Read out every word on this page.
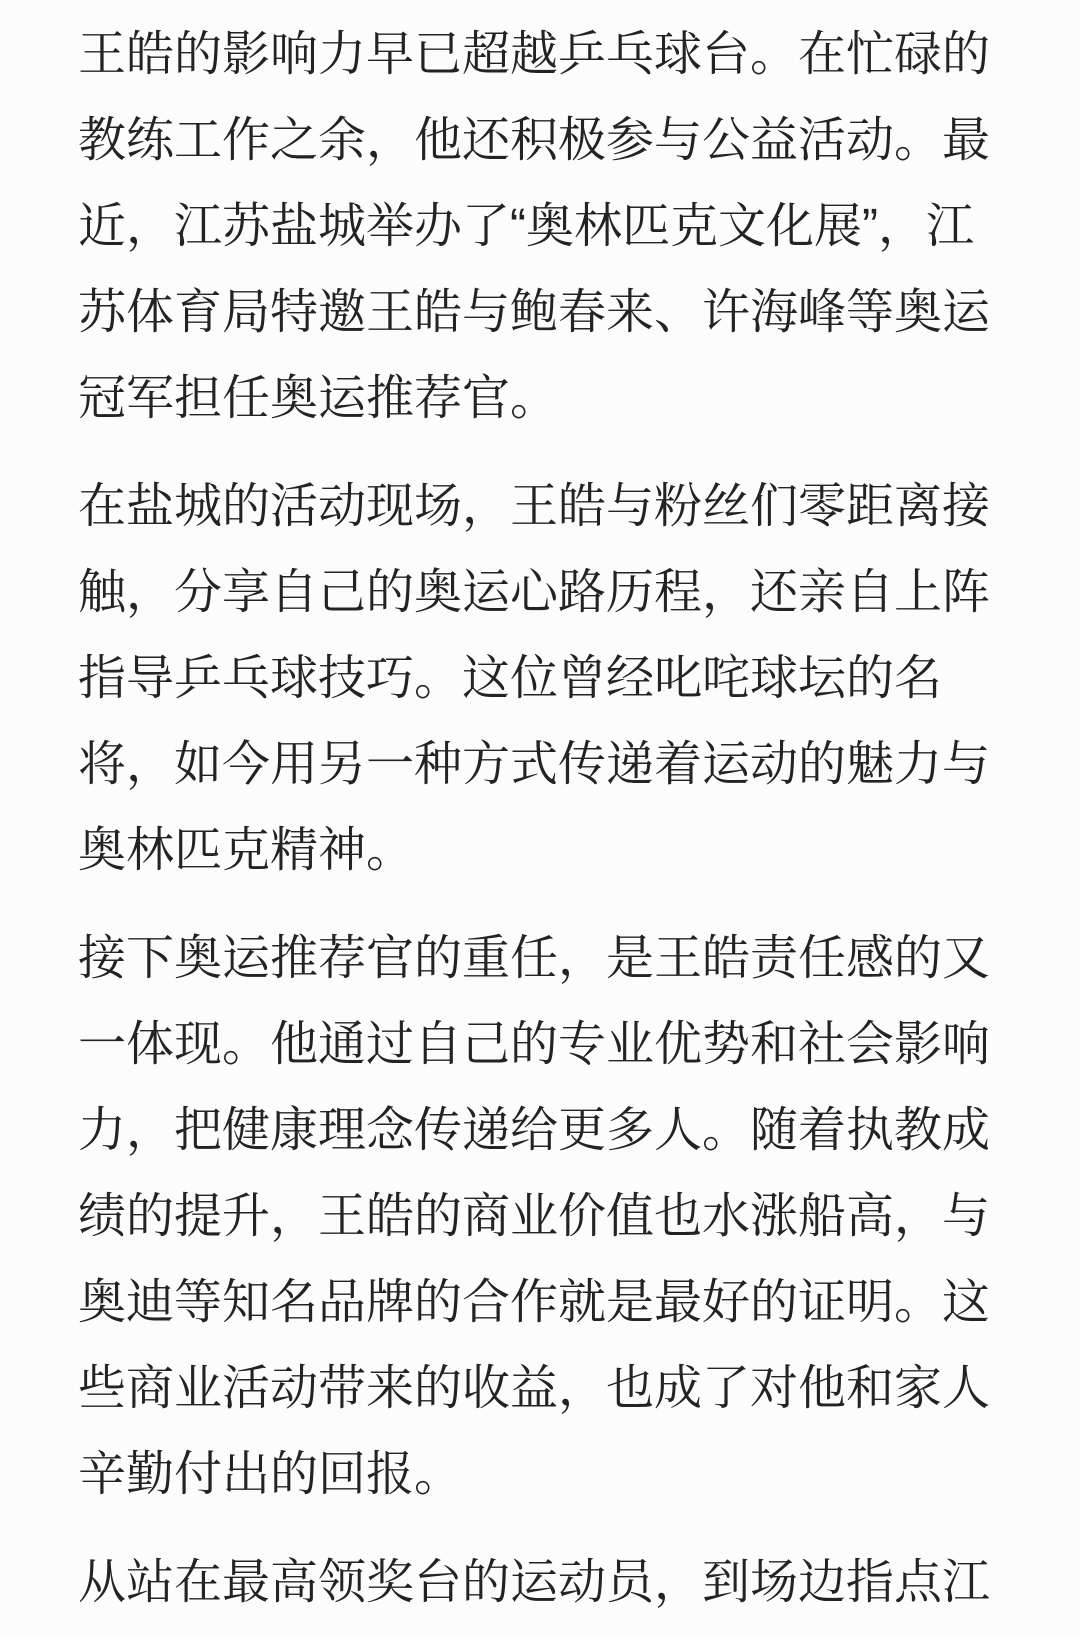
王皓的影响力早已超越乒乓球台。在忙碌的
教练工作之余，他还积极参与公益活动。最
近，江苏盐城举办了“奥林匹克文化展”，江
苏体育局特邀王皓与鲍春来、许海峰等奥运
冠军担任奥运推荐官。
在盐城的活动现场，王皓与粉丝们零距离接
触，分享自己的奥运心路历程，还亲自上阵
指导乒乓球技巧。这位曾经叱咤球坛的名
将，如今用另一种方式传递着运动的魅力与
奥林匹克精神。
接下奥运推荐官的重任，是王皓责任感的又
一体现。他通过自己的专业优势和社会影响
力，把健康理念传递给更多人。随着执教成
绩的提升，王皓的商业价值也水涨船高，与
奥迪等知名品牌的合作就是最好的证明。这
些商业活动带来的收益，也成了对他和家人
辛勤付出的回报。
从站在最高领奖台的运动员，到场边指点江
